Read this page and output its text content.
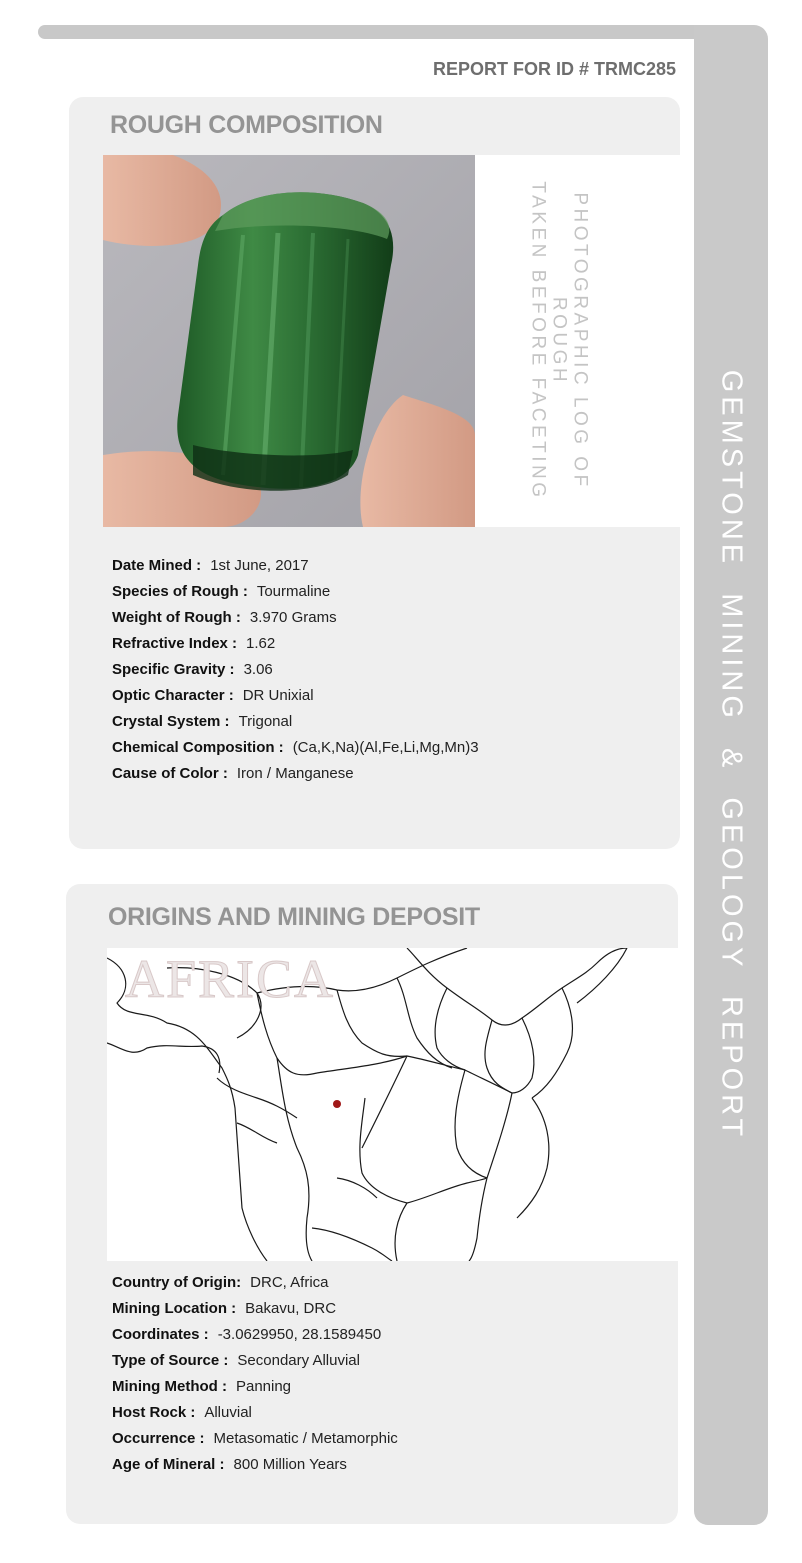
GEMSTONE MINING & GEOLOGY REPORT
REPORT FOR ID # TRMC285
ROUGH COMPOSITION
PHOTOGRAPHIC LOG OF ROUGH
TAKEN BEFORE FACETING
Date Mined : 1st June, 2017
Species of Rough : Tourmaline
Weight of Rough : 3.970 Grams
Refractive Index : 1.62
Specific Gravity : 3.06
Optic Character : DR Unixial
Crystal System : Trigonal
Chemical Composition : (Ca,K,Na)(Al,Fe,Li,Mg,Mn)3
Cause of Color : Iron / Manganese
ORIGINS AND MINING DEPOSIT
AFRICA
Country of Origin: DRC, Africa
Mining Location : Bakavu, DRC
Coordinates : -3.0629950, 28.1589450
Type of Source : Secondary Alluvial
Mining Method : Panning
Host Rock : Alluvial
Occurrence : Metasomatic / Metamorphic
Age of Mineral : 800 Million Years
